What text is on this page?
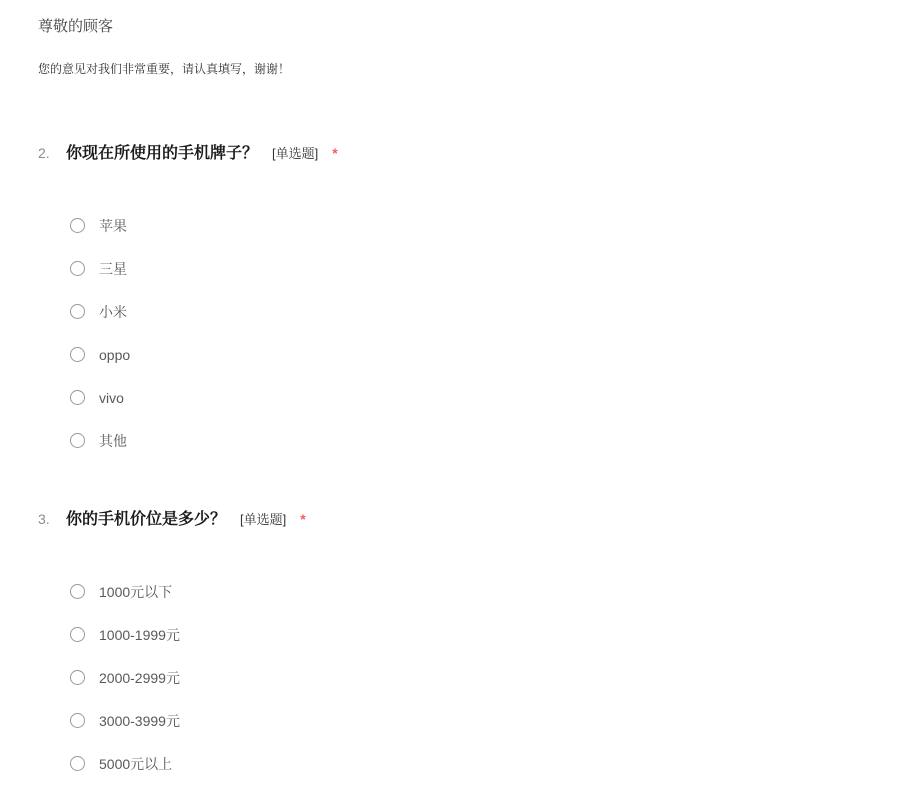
尊敬的顾客
您的意见对我们非常重要，请认真填写，谢谢！
2.	你现在所使用的手机牌子？ [单选题] *
苹果
三星
小米
oppo
vivo
其他
3.	你的手机价位是多少？ [单选题] *
1000元以下
1000-1999元
2000-2999元
3000-3999元
5000元以上
